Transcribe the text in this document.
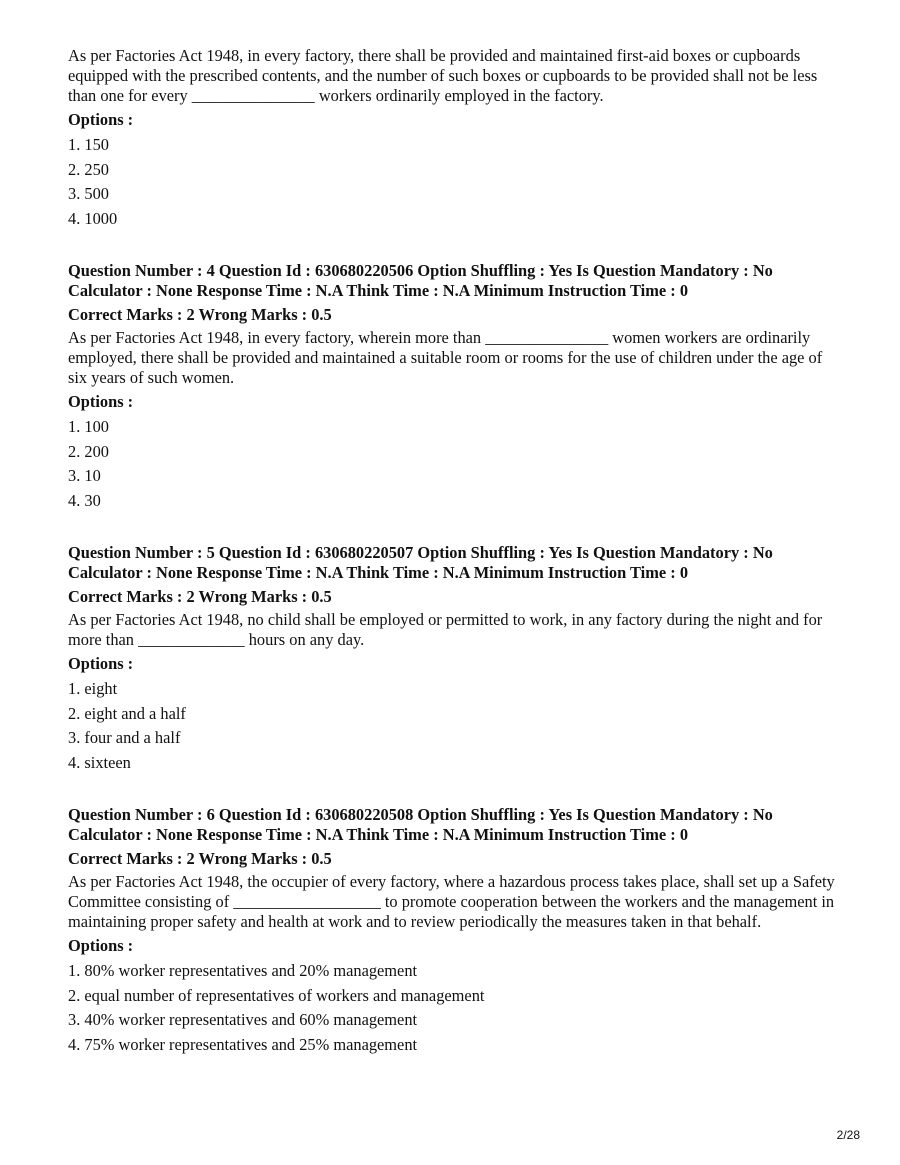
As per Factories Act 1948, in every factory, there shall be provided and maintained first-aid boxes or cupboards equipped with the prescribed contents, and the number of such boxes or cupboards to be provided shall not be less than one for every _______________ workers ordinarily employed in the factory.

Options :
1. 150
2. 250
3. 500
4. 1000

Question Number : 4 Question Id : 630680220506 Option Shuffling : Yes Is Question Mandatory : No

Calculator : None Response Time : N.A Think Time : N.A Minimum Instruction Time : 0

Correct Marks : 2 Wrong Marks : 0.5

As per Factories Act 1948, in every factory, wherein more than _______________ women workers are ordinarily employed, there shall be provided and maintained a suitable room or rooms for the use of children under the age of six years of such women.

Options :
1. 100
2. 200
3. 10
4. 30

Question Number : 5 Question Id : 630680220507 Option Shuffling : Yes Is Question Mandatory : No

Calculator : None Response Time : N.A Think Time : N.A Minimum Instruction Time : 0

Correct Marks : 2 Wrong Marks : 0.5

As per Factories Act 1948, no child shall be employed or permitted to work, in any factory during the night and for more than _____________ hours on any day.

Options :
1. eight
2. eight and a half
3. four and a half
4. sixteen

Question Number : 6 Question Id : 630680220508 Option Shuffling : Yes Is Question Mandatory : No

Calculator : None Response Time : N.A Think Time : N.A Minimum Instruction Time : 0

Correct Marks : 2 Wrong Marks : 0.5

As per Factories Act 1948, the occupier of every factory, where a hazardous process takes place, shall set up a Safety Committee consisting of __________________ to promote cooperation between the workers and the management in maintaining proper safety and health at work and to review periodically the measures taken in that behalf.

Options :
1. 80% worker representatives and 20% management
2. equal number of representatives of workers and management
3. 40% worker representatives and 60% management
4. 75% worker representatives and 25% management
2/28
